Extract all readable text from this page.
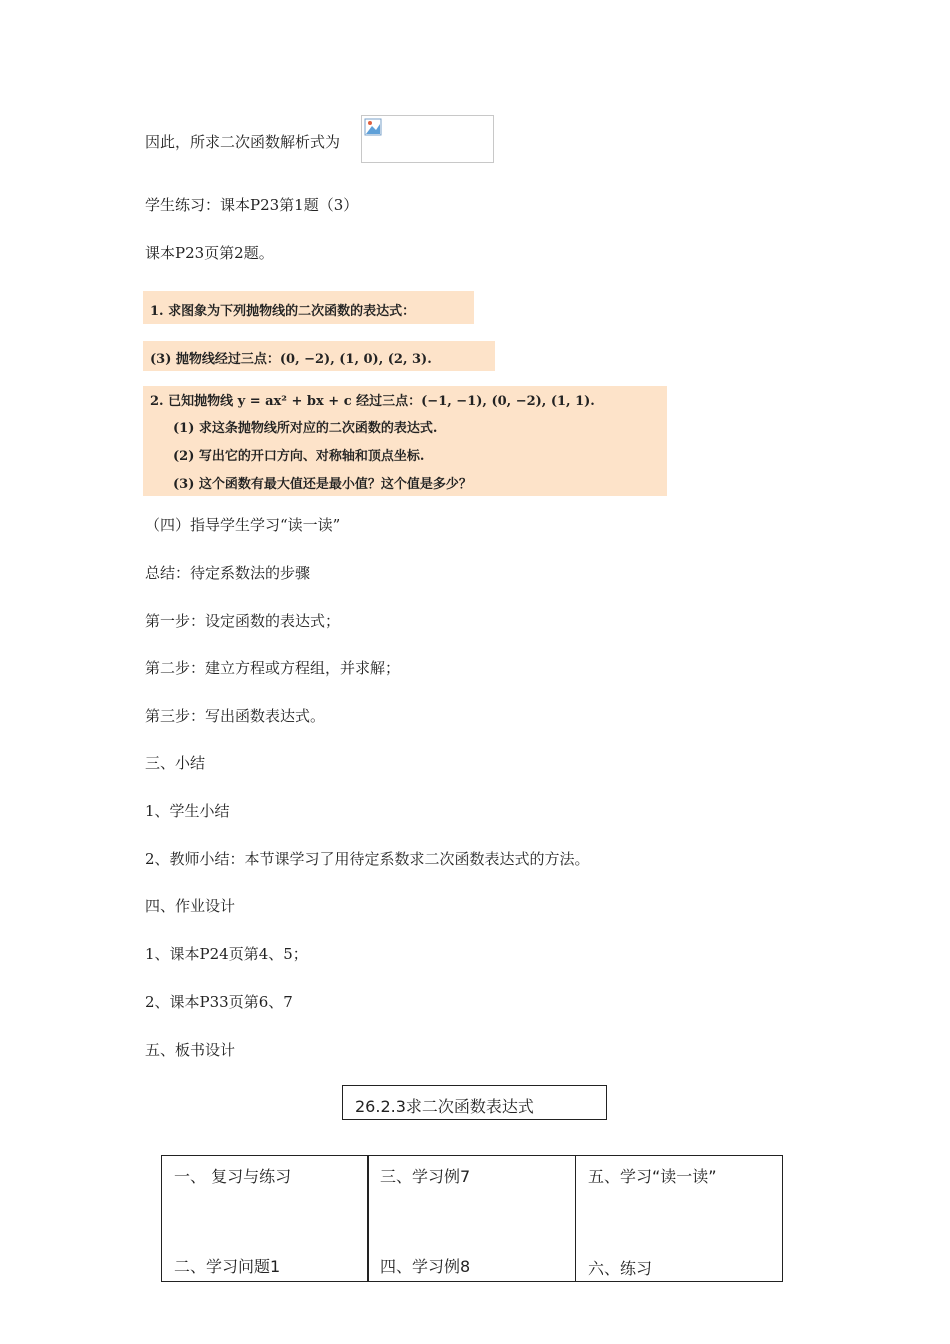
因此，所求二次函数解析式为
学生练习：课本P23第1题（3）
课本P23页第2题。
1. 求图象为下列抛物线的二次函数的表达式：
(3) 抛物线经过三点：(0, −2), (1, 0), (2, 3).
2. 已知抛物线 y = ax² + bx + c 经过三点：(−1, −1), (0, −2), (1, 1).
(1) 求这条抛物线所对应的二次函数的表达式.
(2) 写出它的开口方向、对称轴和顶点坐标.
(3) 这个函数有最大值还是最小值？这个值是多少？
（四）指导学生学习“读一读”
总结：待定系数法的步骤
第一步：设定函数的表达式；
第二步：建立方程或方程组，并求解；
第三步：写出函数表达式。
三、小结
1、学生小结
2、教师小结：本节课学习了用待定系数求二次函数表达式的方法。
四、作业设计
1、课本P24页第4、5；
2、课本P33页第6、7
五、板书设计
26.2.3求二次函数表达式
一、 复习与练习
二、学习问题1
三、学习例7
四、学习例8
五、学习“读一读”
六、练习
